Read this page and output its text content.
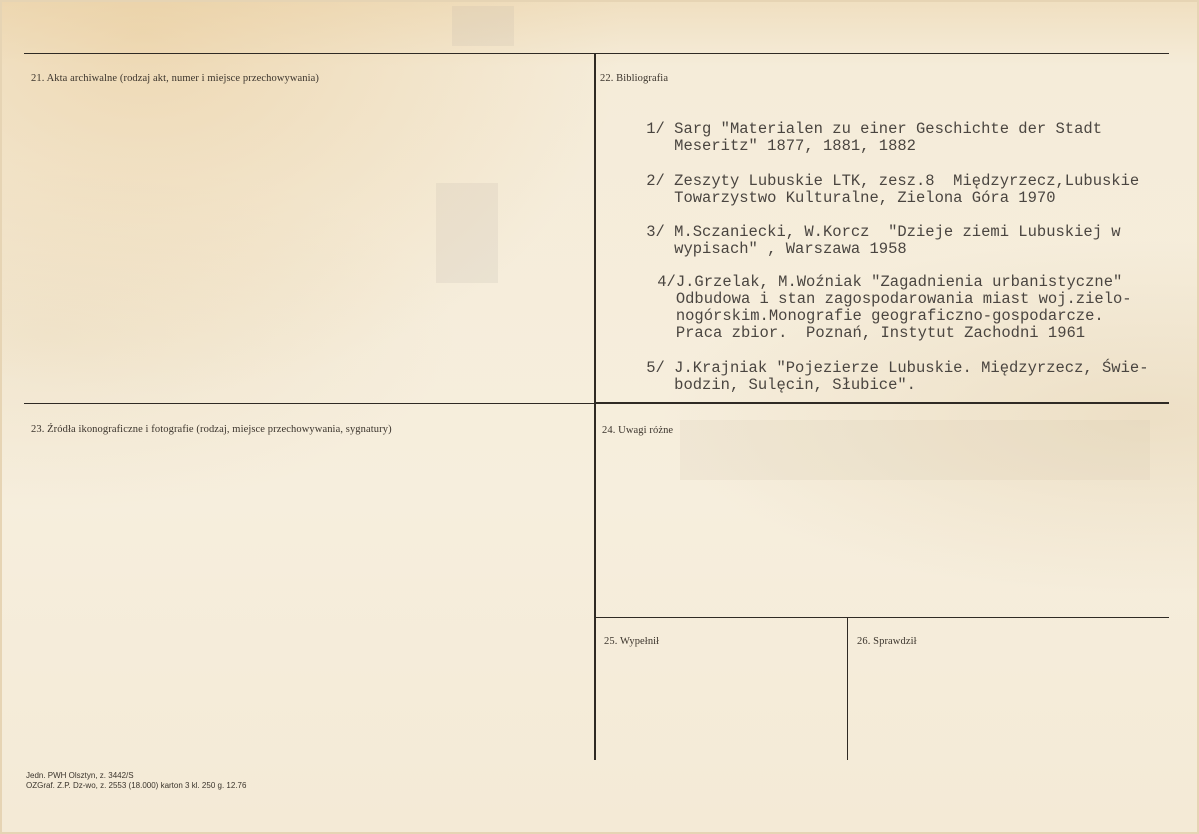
21. Akta archiwalne (rodzaj akt, numer i miejsce przechowywania)	22. Bibliografia
23. Źródła ikonograficzne i fotografie (rodzaj, miejsce przechowywania, sygnatury)	24. Uwagi różne
25. Wypełnił	26. Sprawdził

1/ Sarg "Materialen zu einer Geschichte der Stadt
Meseritz" 1877, 1881, 1882

2/ Zeszyty Lubuskie LTK, zesz.8  Międzyrzecz,Lubuskie
Towarzystwo Kulturalne, Zielona Góra 1970

3/ M.Sczaniecki, W.Korcz  "Dzieje ziemi Lubuskiej w
wypisach" , Warszawa 1958

4/ J.Grzelak, M.Woźniak "Zagadnienia urbanistyczne"
Odbudowa i stan zagospodarowania miast woj.zielo-
nogórskim.Monografie geograficzno-gospodarcze.
Praca zbior.  Poznań, Instytut Zachodni 1961

5/ J.Krajniak "Pojezierze Lubuskie. Międzyrzecz, Świe-
bodzin, Sulęcin, Słubice".

Jedn. PWH Olsztyn, z. 3442/S
OZGraf. Z.P. Dz-wo, z. 2553 (18.000) karton 3 kl. 250 g. 12.76
